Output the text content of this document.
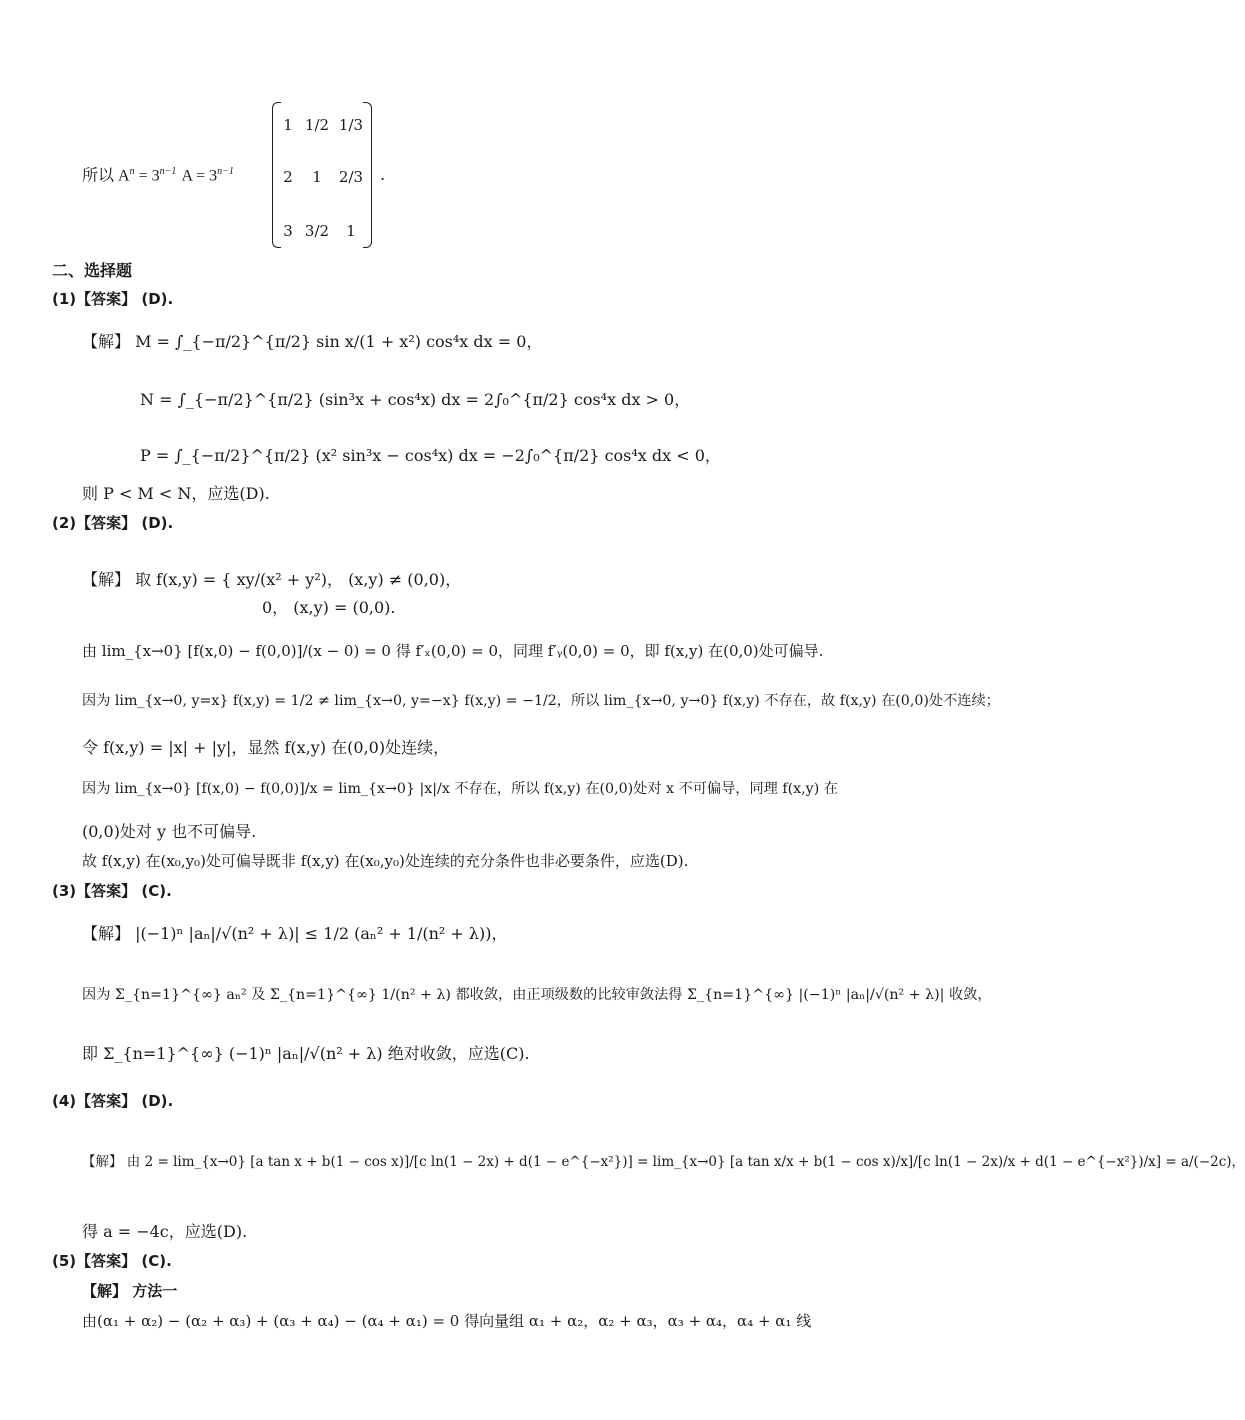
所以 $A^n = 3^{n-1}$ $A = 3^{n-1}$
1 1/2 1/3
2	1	2/3
3 3/2	1
.
二、选择题
(1)【答案】 (D).
【解】 M = ∫_{−π/2}^{π/2} sin x/(1 + x²) cos⁴x dx = 0，
N = ∫_{−π/2}^{π/2} (sin³x + cos⁴x) dx = 2∫₀^{π/2} cos⁴x dx > 0，
P = ∫_{−π/2}^{π/2} (x² sin³x − cos⁴x) dx = −2∫₀^{π/2} cos⁴x dx < 0，
则 P < M < N，应选(D).
(2)【答案】 (D).
【解】 取 f(x,y) = { xy/(x² + y²)， (x,y) ≠ (0,0)，
0， (x,y) = (0,0).
由 lim_{x→0} [f(x,0) − f(0,0)]/(x − 0) = 0 得 f′ₓ(0,0) = 0，同理 f′ᵧ(0,0) = 0，即 f(x,y) 在(0,0)处可偏导.
因为 lim_{x→0, y=x} f(x,y) = 1/2 ≠ lim_{x→0, y=−x} f(x,y) = −1/2，所以 lim_{x→0, y→0} f(x,y) 不存在，故 f(x,y) 在(0,0)处不连续；
令 f(x,y) = |x| + |y|，显然 f(x,y) 在(0,0)处连续，
因为 lim_{x→0} [f(x,0) − f(0,0)]/x = lim_{x→0} |x|/x 不存在，所以 f(x,y) 在(0,0)处对 x 不可偏导，同理 f(x,y) 在
(0,0)处对 y 也不可偏导.
故 f(x,y) 在(x₀,y₀)处可偏导既非 f(x,y) 在(x₀,y₀)处连续的充分条件也非必要条件，应选(D).
(3)【答案】 (C).
【解】 |(−1)ⁿ |aₙ|/√(n² + λ)| ≤ 1/2 (aₙ² + 1/(n² + λ))，
因为 Σ_{n=1}^{∞} aₙ² 及 Σ_{n=1}^{∞} 1/(n² + λ) 都收敛，由正项级数的比较审敛法得 Σ_{n=1}^{∞} |(−1)ⁿ |aₙ|/√(n² + λ)| 收敛，
即 Σ_{n=1}^{∞} (−1)ⁿ |aₙ|/√(n² + λ) 绝对收敛，应选(C).
(4)【答案】 (D).
【解】 由 2 = lim_{x→0} [a tan x + b(1 − cos x)]/[c ln(1 − 2x) + d(1 − e^{−x²})] = lim_{x→0} [a tan x/x + b(1 − cos x)/x]/[c ln(1 − 2x)/x + d(1 − e^{−x²})/x] = a/(−2c)，
得 a = −4c，应选(D).
(5)【答案】 (C).
【解】 方法一
由(α₁ + α₂) − (α₂ + α₃) + (α₃ + α₄) − (α₄ + α₁) = 0 得向量组 α₁ + α₂，α₂ + α₃，α₃ + α₄，α₄ + α₁ 线
